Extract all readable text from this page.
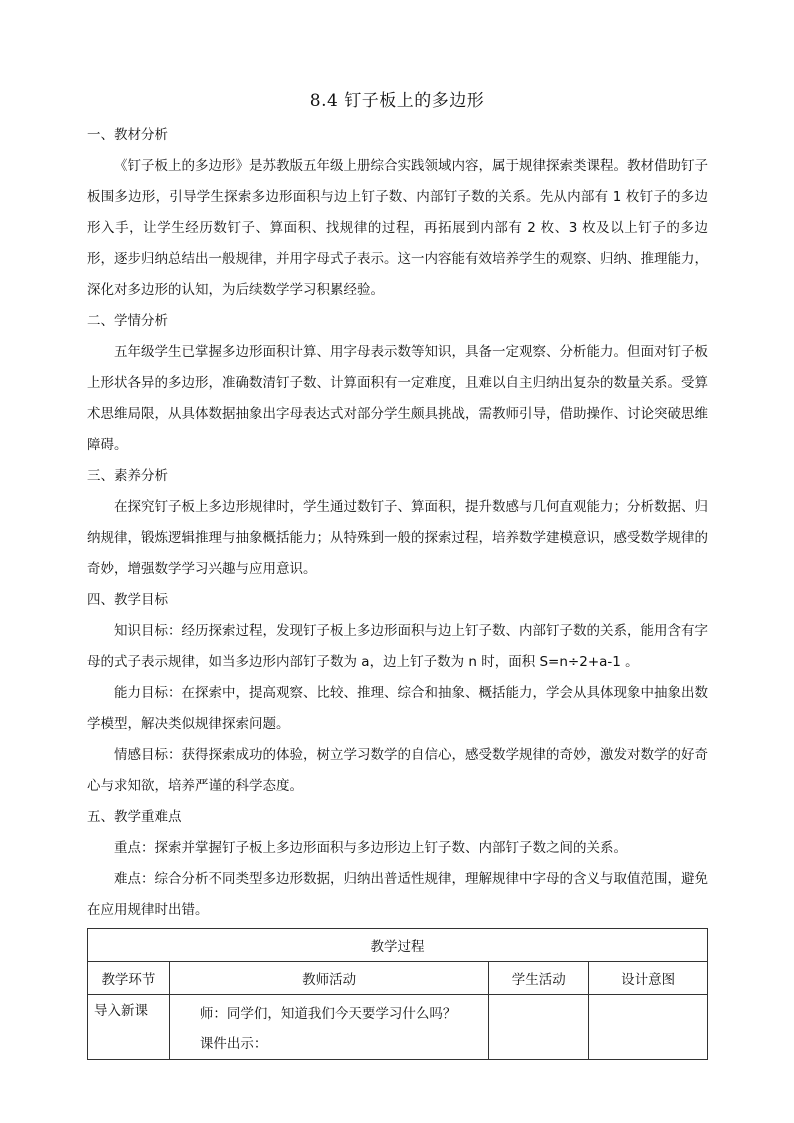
8.4 钉子板上的多边形
一、教材分析

《钉子板上的多边形》是苏教版五年级上册综合实践领域内容，属于规律探索类课程。教材借助钉子板围多边形，引导学生探索多边形面积与边上钉子数、内部钉子数的关系。先从内部有 1 枚钉子的多边形入手，让学生经历数钉子、算面积、找规律的过程，再拓展到内部有 2 枚、3 枚及以上钉子的多边形，逐步归纳总结出一般规律，并用字母式子表示。这一内容能有效培养学生的观察、归纳、推理能力，深化对多边形的认知，为后续数学学习积累经验。

二、学情分析

五年级学生已掌握多边形面积计算、用字母表示数等知识，具备一定观察、分析能力。但面对钉子板上形状各异的多边形，准确数清钉子数、计算面积有一定难度，且难以自主归纳出复杂的数量关系。受算术思维局限，从具体数据抽象出字母表达式对部分学生颇具挑战，需教师引导，借助操作、讨论突破思维障碍。

三、素养分析

在探究钉子板上多边形规律时，学生通过数钉子、算面积，提升数感与几何直观能力；分析数据、归纳规律，锻炼逻辑推理与抽象概括能力；从特殊到一般的探索过程，培养数学建模意识，感受数学规律的奇妙，增强数学学习兴趣与应用意识。

四、教学目标

知识目标：经历探索过程，发现钉子板上多边形面积与边上钉子数、内部钉子数的关系，能用含有字母的式子表示规律，如当多边形内部钉子数为 a，边上钉子数为 n 时，面积 S=n÷2+a-1 。

能力目标：在探索中，提高观察、比较、推理、综合和抽象、概括能力，学会从具体现象中抽象出数学模型，解决类似规律探索问题。

情感目标：获得探索成功的体验，树立学习数学的自信心，感受数学规律的奇妙，激发对数学的好奇心与求知欲，培养严谨的科学态度。

五、教学重难点

重点：探索并掌握钉子板上多边形面积与多边形边上钉子数、内部钉子数之间的关系。

难点：综合分析不同类型多边形数据，归纳出普适性规律，理解规律中字母的含义与取值范围，避免在应用规律时出错。

教学过程			
教学环节	教师活动	学生活动	设计意图
导入新课	师：同学们，知道我们今天要学习什么吗？
课件出示：		
